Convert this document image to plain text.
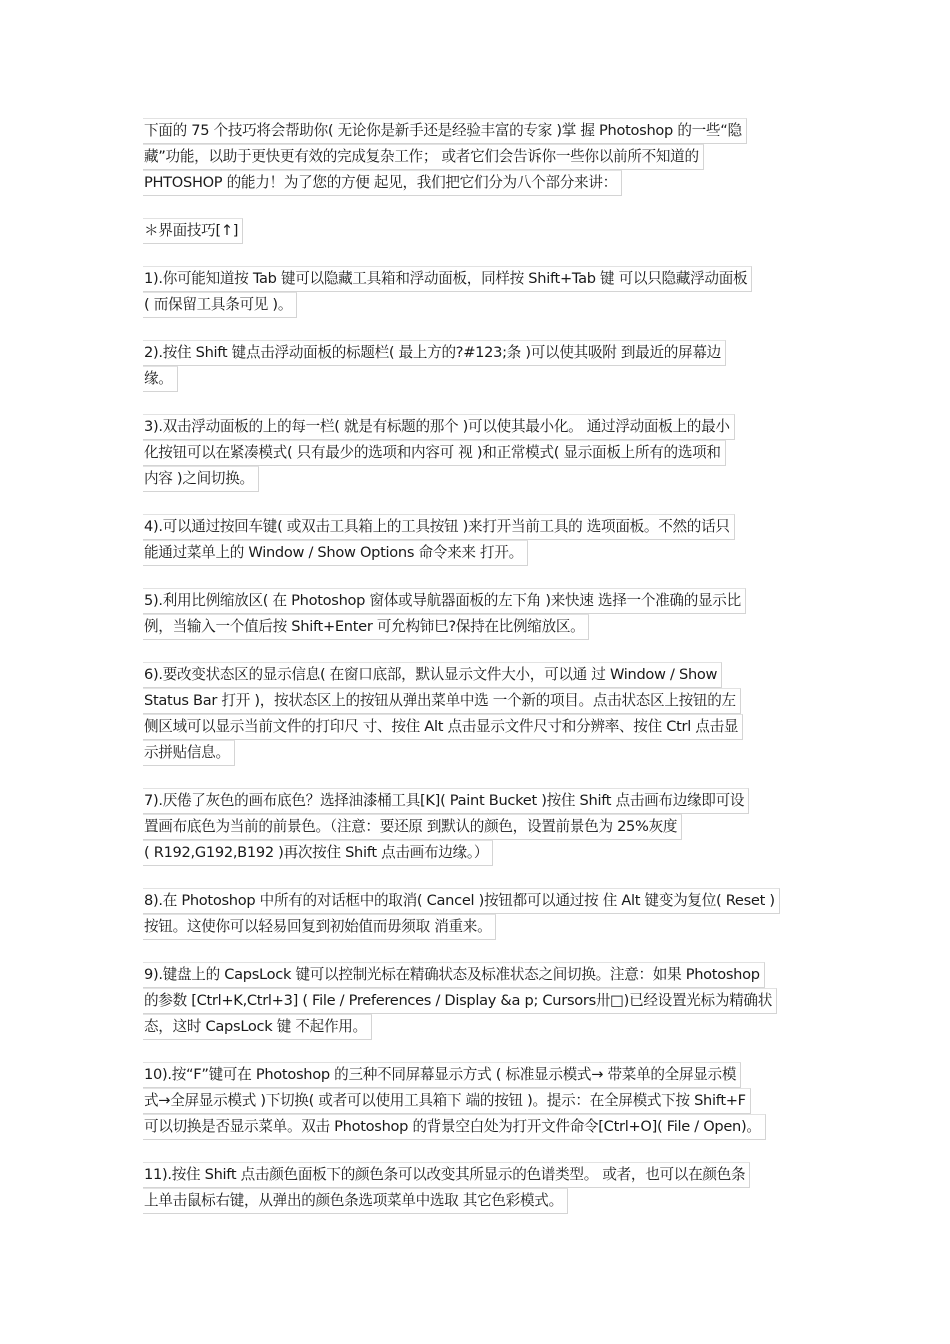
下面的 75 个技巧将会帮助你( 无论你是新手还是经验丰富的专家 )掌 握 Photoshop 的一些“隐
藏”功能，以助于更快更有效的完成复杂工作； 或者它们会告诉你一些你以前所不知道的
PHTOSHOP 的能力！为了您的方便 起见，我们把它们分为八个部分来讲：
＊界面技巧[↑]
1).你可能知道按 Tab 键可以隐藏工具箱和浮动面板，同样按 Shift+Tab 键 可以只隐藏浮动面板
( 而保留工具条可见 )。
2).按住 Shift 键点击浮动面板的标题栏( 最上方的?#123;条 )可以使其吸附 到最近的屏幕边
缘。
3).双击浮动面板的上的每一栏( 就是有标题的那个 )可以使其最小化。 通过浮动面板上的最小
化按钮可以在紧凑模式( 只有最少的选项和内容可 视 )和正常模式( 显示面板上所有的选项和
内容 )之间切换。
4).可以通过按回车键( 或双击工具箱上的工具按钮 )来打开当前工具的 选项面板。不然的话只
能通过菜单上的 Window / Show Options 命令来来 打开。
5).利用比例缩放区( 在 Photoshop 窗体或导航器面板的左下角 )来快速 选择一个准确的显示比
例，当输入一个值后按 Shift+Enter 可允构铈巳?保持在比例缩放区。
6).要改变状态区的显示信息( 在窗口底部，默认显示文件大小，可以通 过 Window / Show
Status Bar 打开 )，按状态区上的按钮从弹出菜单中选 一个新的项目。点击状态区上按钮的左
侧区域可以显示当前文件的打印尺 寸、按住 Alt 点击显示文件尺寸和分辨率、按住 Ctrl 点击显
示拼贴信息。
7).厌倦了灰色的画布底色？选择油漆桶工具[K]( Paint Bucket )按住 Shift 点击画布边缘即可设
置画布底色为当前的前景色。（注意：要还原 到默认的颜色，设置前景色为 25%灰度
( R192,G192,B192 )再次按住 Shift 点击画布边缘。）
8).在 Photoshop 中所有的对话框中的取消( Cancel )按钮都可以通过按 住 Alt 键变为复位( Reset )
按钮。这使你可以轻易回复到初始值而毋须取 消重来。
9).键盘上的 CapsLock 键可以控制光标在精确状态及标准状态之间切换。注意：如果 Photoshop
的参数 [Ctrl+K,Ctrl+3] ( File / Preferences / Display &a p; Cursors卅□)已经设置光标为精确状
态，这时 CapsLock 键 不起作用。
10).按“F”键可在 Photoshop 的三种不同屏幕显示方式 ( 标准显示模式→ 带菜单的全屏显示模
式→全屏显示模式 )下切换( 或者可以使用工具箱下 端的按钮 )。提示：在全屏模式下按 Shift+F
可以切换是否显示菜单。双击 Photoshop 的背景空白处为打开文件命令[Ctrl+O]( File / Open)。
11).按住 Shift 点击颜色面板下的颜色条可以改变其所显示的色谱类型。 或者，也可以在颜色条
上单击鼠标右键，从弹出的颜色条选项菜单中选取 其它色彩模式。
